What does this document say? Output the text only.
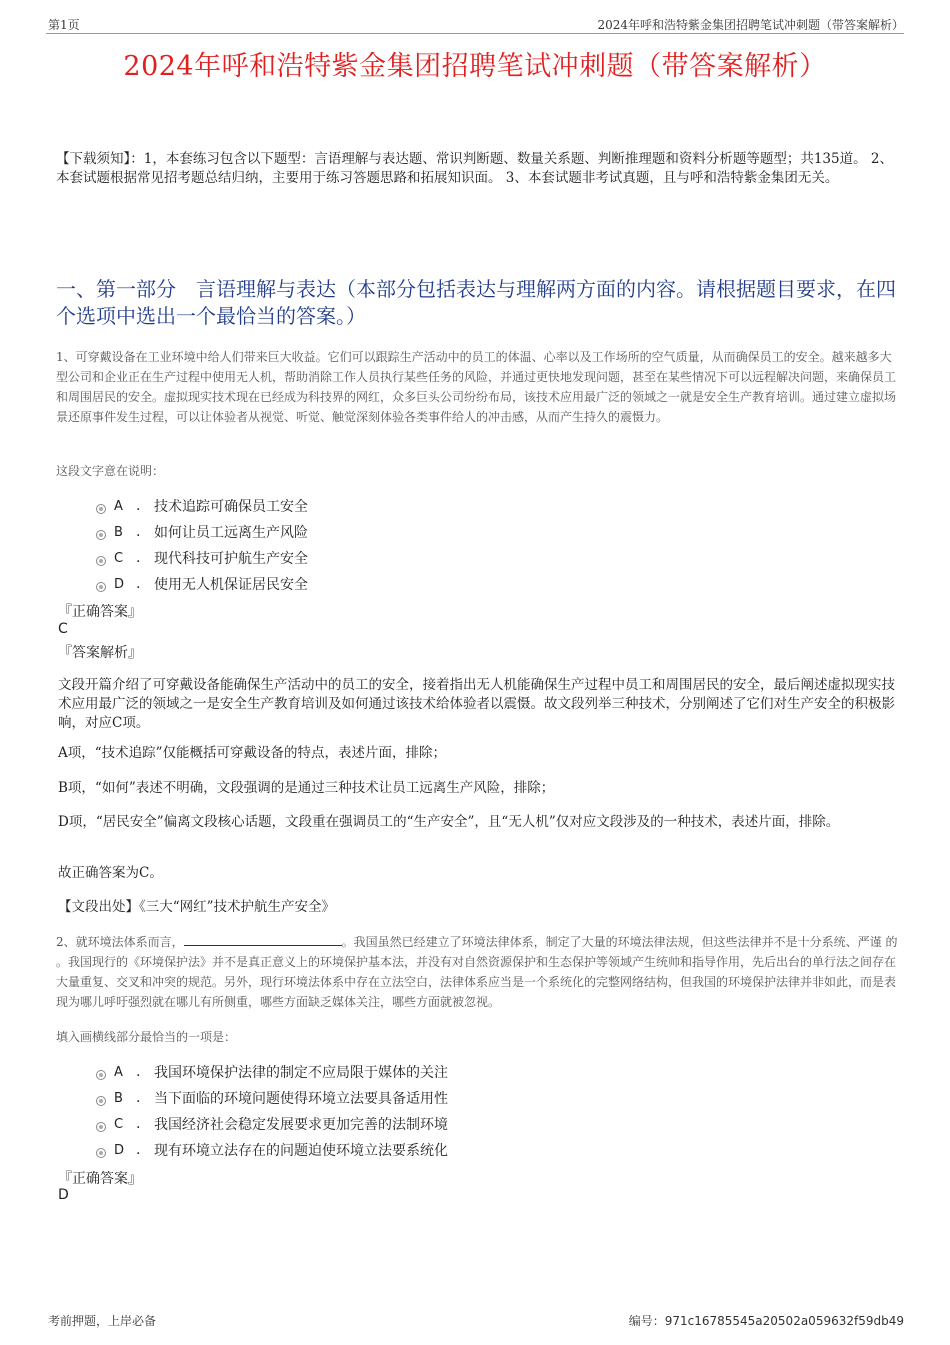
第1页	2024年呼和浩特紫金集团招聘笔试冲刺题（带答案解析）
2024年呼和浩特紫金集团招聘笔试冲刺题（带答案解析）
【下载须知】：1，本套练习包含以下题型：言语理解与表达题、常识判断题、数量关系题、判断推理题和资料分析题等题型；共135道。 2、本套试题根据常见招考题总结归纳，主要用于练习答题思路和拓展知识面。 3、本套试题非考试真题，且与呼和浩特紫金集团无关。
一、第一部分　言语理解与表达（本部分包括表达与理解两方面的内容。请根据题目要求，在四个选项中选出一个最恰当的答案。）
1、可穿戴设备在工业环境中给人们带来巨大收益。它们可以跟踪生产活动中的员工的体温、心率以及工作场所的空气质量，从而确保员工的安全。越来越多大型公司和企业正在生产过程中使用无人机，帮助消除工作人员执行某些任务的风险，并通过更快地发现问题，甚至在某些情况下可以远程解决问题，来确保员工和周围居民的安全。虚拟现实技术现在已经成为科技界的网红，众多巨头公司纷纷布局，该技术应用最广泛的领域之一就是安全生产教育培训。通过建立虚拟场景还原事件发生过程，可以让体验者从视觉、听觉、触觉深刻体验各类事件给人的冲击感，从而产生持久的震慑力。
这段文字意在说明：
A . 技术追踪可确保员工安全
B . 如何让员工远离生产风险
C . 现代科技可护航生产安全
D . 使用无人机保证居民安全
『正确答案』
C
『答案解析』
文段开篇介绍了可穿戴设备能确保生产活动中的员工的安全，接着指出无人机能确保生产过程中员工和周围居民的安全，最后阐述虚拟现实技术应用最广泛的领域之一是安全生产教育培训及如何通过该技术给体验者以震慑。故文段列举三种技术，分别阐述了它们对生产安全的积极影响，对应C项。
A项，“技术追踪”仅能概括可穿戴设备的特点，表述片面，排除；
B项，“如何”表述不明确，文段强调的是通过三种技术让员工远离生产风险，排除；
D项，“居民安全”偏离文段核心话题，文段重在强调员工的“生产安全”，且“无人机”仅对应文段涉及的一种技术，表述片面，排除。
故正确答案为C。
【文段出处】《三大“网红”技术护航生产安全》
2、就环境法体系而言，	。我国虽然已经建立了环境法律体系，制定了大量的环境法律法规，但这些法律并不是十分系统、严谨 的 。我国现行的《环境保护法》并不是真正意义上的环境保护基本法，并没有对自然资源保护和生态保护等领域产生统帅和指导作用，先后出台的单行法之间存在大量重复、交叉和冲突的规范。另外，现行环境法体系中存在立法空白，法律体系应当是一个系统化的完整网络结构，但我国的环境保护法律并非如此，而是表现为哪儿呼吁强烈就在哪儿有所侧重，哪些方面缺乏媒体关注，哪些方面就被忽视。
填入画横线部分最恰当的一项是：
A . 我国环境保护法律的制定不应局限于媒体的关注
B . 当下面临的环境问题使得环境立法要具备适用性
C . 我国经济社会稳定发展要求更加完善的法制环境
D . 现有环境立法存在的问题迫使环境立法要系统化
『正确答案』
D
考前押题，上岸必备	编号：971c16785545a20502a059632f59db49
